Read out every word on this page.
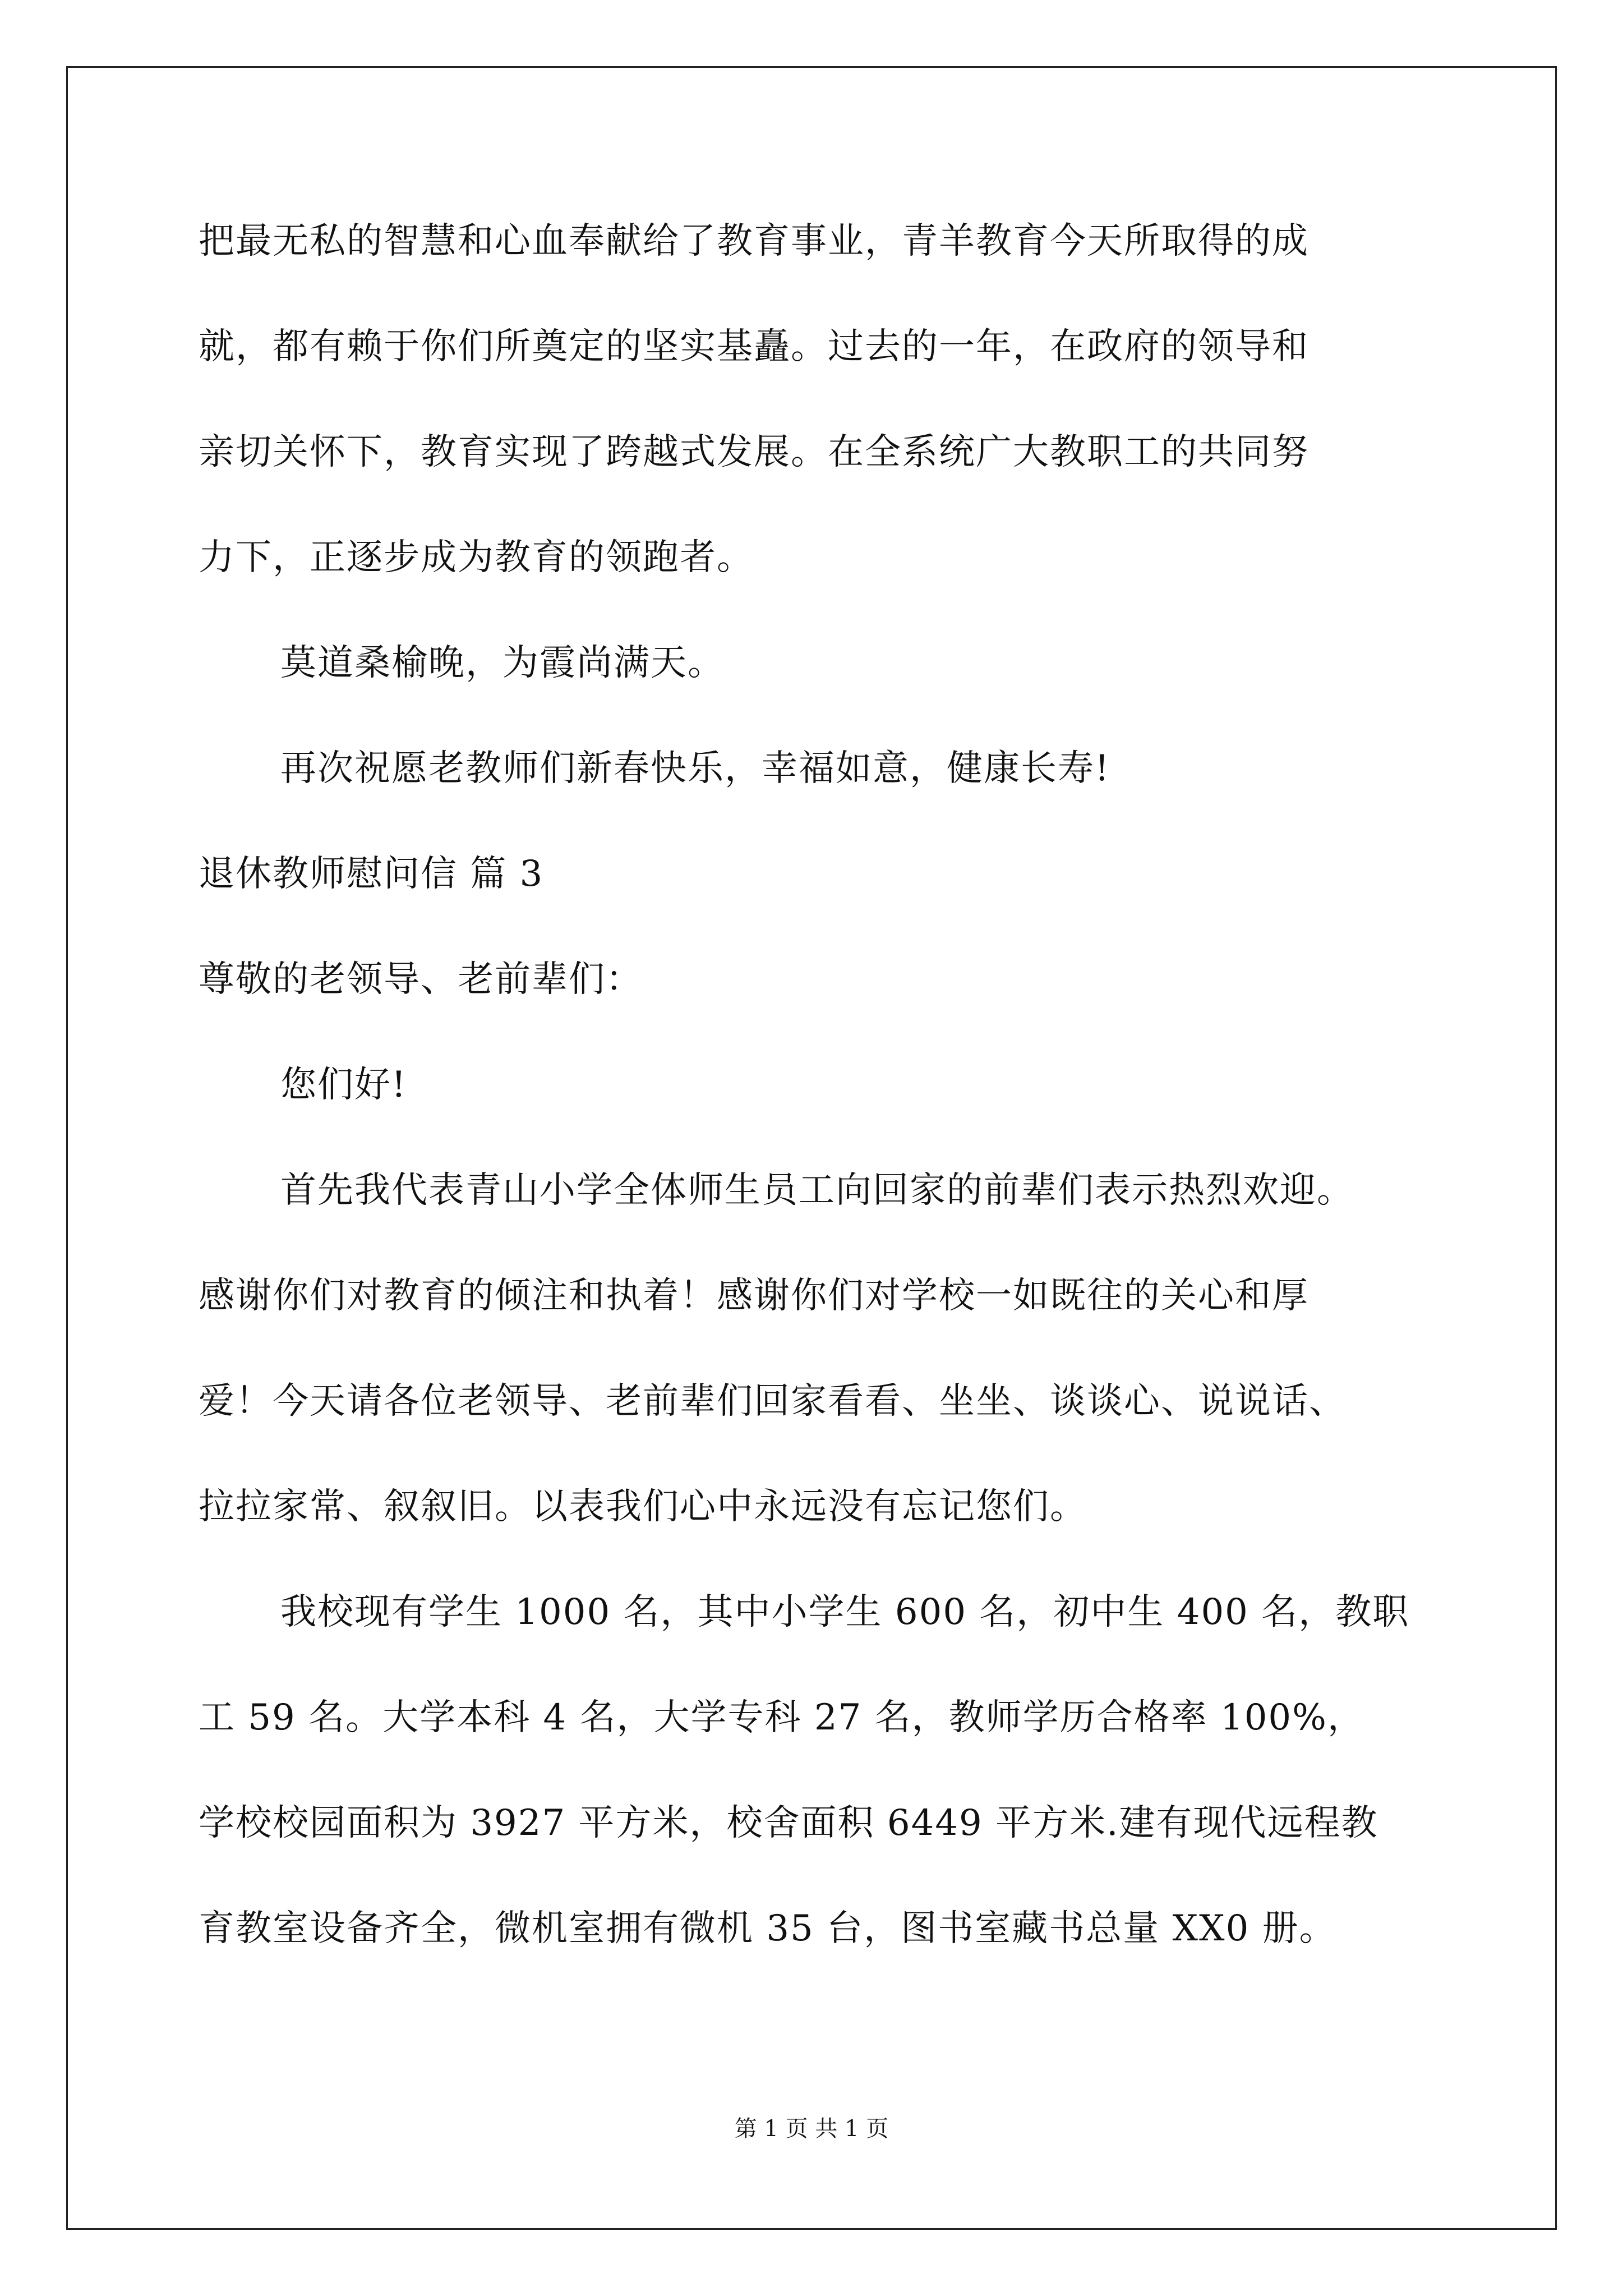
把最无私的智慧和心血奉献给了教育事业，青羊教育今天所取得的成
就，都有赖于你们所奠定的坚实基矗。过去的一年，在政府的领导和
亲切关怀下，教育实现了跨越式发展。在全系统广大教职工的共同努
力下，正逐步成为教育的领跑者。
莫道桑榆晚，为霞尚满天。
再次祝愿老教师们新春快乐，幸福如意，健康长寿!
退休教师慰问信 篇 3
尊敬的老领导、老前辈们：
您们好!
首先我代表青山小学全体师生员工向回家的前辈们表示热烈欢迎。
感谢你们对教育的倾注和执着！感谢你们对学校一如既往的关心和厚
爱！今天请各位老领导、老前辈们回家看看、坐坐、谈谈心、说说话、
拉拉家常、叙叙旧。以表我们心中永远没有忘记您们。
我校现有学生 1000 名，其中小学生 600 名，初中生 400 名，教职
工 59 名。大学本科 4 名，大学专科 27 名，教师学历合格率 100%，
学校校园面积为 3927 平方米，校舍面积 6449 平方米.建有现代远程教
育教室设备齐全，微机室拥有微机 35 台，图书室藏书总量 XX0 册。
第 1 页 共 1 页
